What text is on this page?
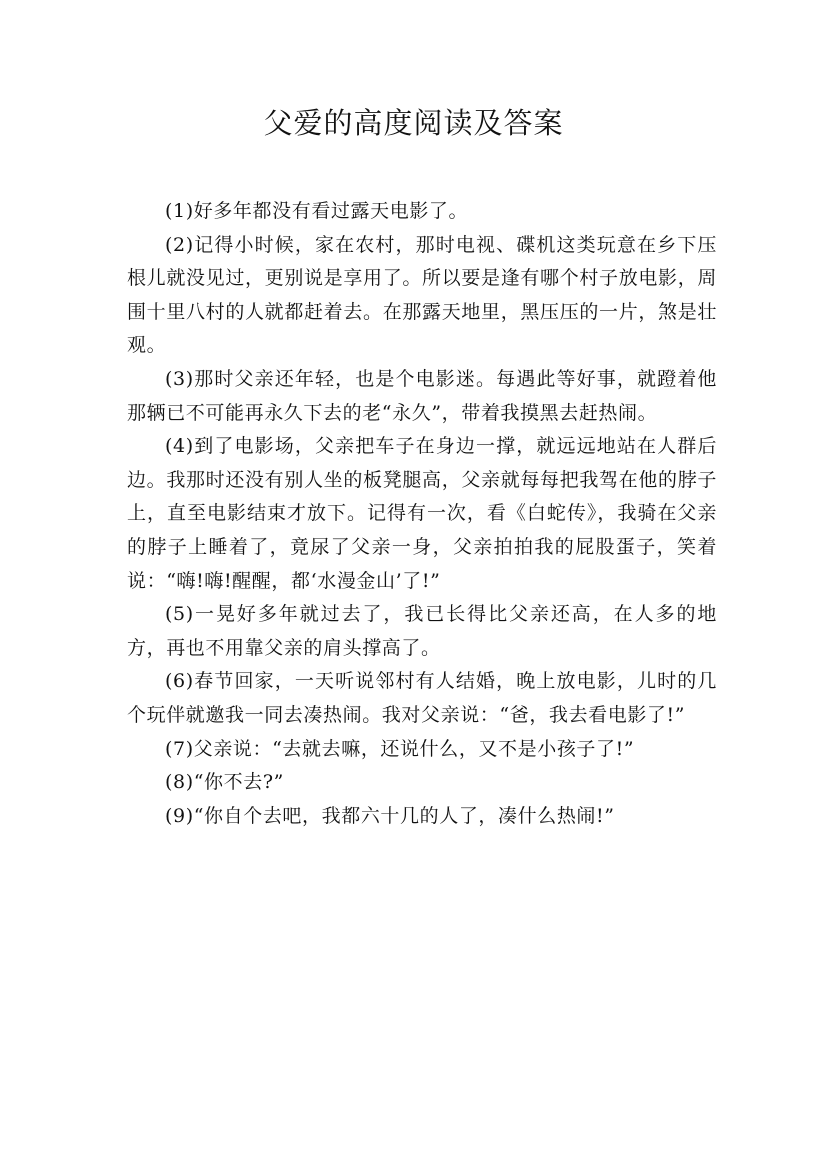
父爱的高度阅读及答案

(1)好多年都没有看过露天电影了。

(2)记得小时候，家在农村，那时电视、碟机这类玩意在乡下压根儿就没见过，更别说是享用了。所以要是逢有哪个村子放电影，周围十里八村的人就都赶着去。在那露天地里，黑压压的一片，煞是壮观。

(3)那时父亲还年轻，也是个电影迷。每遇此等好事，就蹬着他那辆已不可能再永久下去的老“永久”，带着我摸黑去赶热闹。

(4)到了电影场，父亲把车子在身边一撑，就远远地站在人群后边。我那时还没有别人坐的板凳腿高，父亲就每每把我驾在他的脖子上，直至电影结束才放下。记得有一次，看《白蛇传》，我骑在父亲的脖子上睡着了，竟尿了父亲一身，父亲拍拍我的屁股蛋子，笑着说：“嗨!嗨!醒醒，都‘水漫金山’了!”

(5)一晃好多年就过去了，我已长得比父亲还高，在人多的地方，再也不用靠父亲的肩头撑高了。

(6)春节回家，一天听说邻村有人结婚，晚上放电影，儿时的几个玩伴就邀我一同去凑热闹。我对父亲说：“爸，我去看电影了!”

(7)父亲说：“去就去嘛，还说什么，又不是小孩子了!”

(8)“你不去?”

(9)“你自个去吧，我都六十几的人了，凑什么热闹!”
